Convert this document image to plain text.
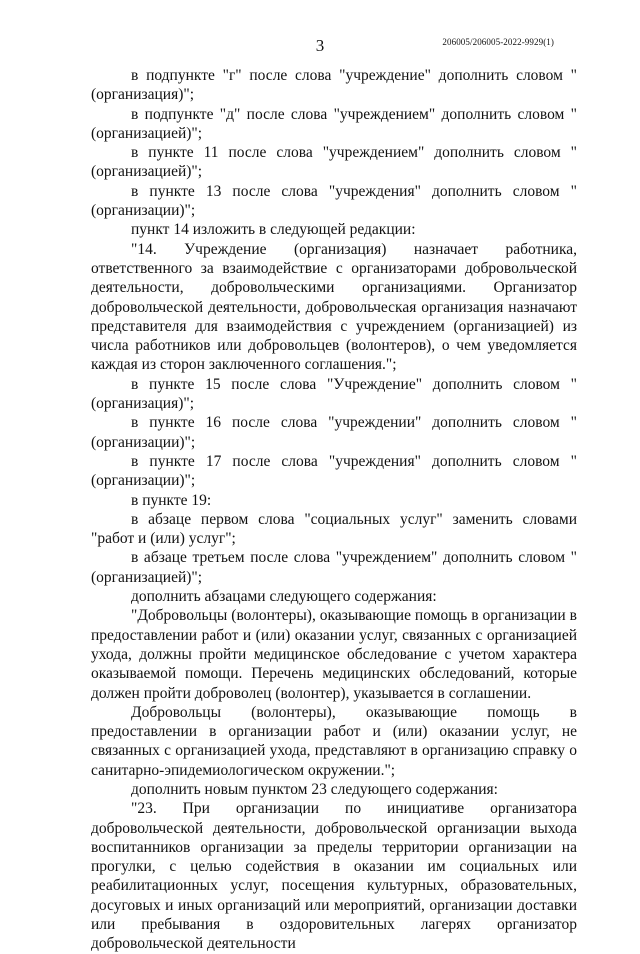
3	206005/206005-2022-9929(1)

в подпункте "г" после слова "учреждение" дополнить словом "(организация)";

в подпункте "д" после слова "учреждением" дополнить словом "(организацией)";

в пункте 11 после слова "учреждением" дополнить словом "(организацией)";

в пункте 13 после слова "учреждения" дополнить словом "(организации)";

пункт 14 изложить в следующей редакции:

"14. Учреждение (организация) назначает работника, ответственного за взаимодействие с организаторами добровольческой деятельности, добровольческими организациями. Организатор добровольческой деятельности, добровольческая организация назначают представителя для взаимодействия с учреждением (организацией) из числа работников или добровольцев (волонтеров), о чем уведомляется каждая из сторон заключенного соглашения.";

в пункте 15 после слова "Учреждение" дополнить словом "(организация)";

в пункте 16 после слова "учреждении" дополнить словом "(организации)";

в пункте 17 после слова "учреждения" дополнить словом "(организации)";

в пункте 19:

в абзаце первом слова "социальных услуг" заменить словами "работ и (или) услуг";

в абзаце третьем после слова "учреждением" дополнить словом "(организацией)";

дополнить абзацами следующего содержания:

"Добровольцы (волонтеры), оказывающие помощь в организации в предоставлении работ и (или) оказании услуг, связанных с организацией ухода, должны пройти медицинское обследование с учетом характера оказываемой помощи. Перечень медицинских обследований, которые должен пройти доброволец (волонтер), указывается в соглашении.

Добровольцы (волонтеры), оказывающие помощь в предоставлении в организации работ и (или) оказании услуг, не связанных с организацией ухода, представляют в организацию справку о санитарно-эпидемиологическом окружении.";

дополнить новым пунктом 23 следующего содержания:

"23. При организации по инициативе организатора добровольческой деятельности, добровольческой организации выхода воспитанников организации за пределы территории организации на прогулки, с целью содействия в оказании им социальных или реабилитационных услуг, посещения культурных, образовательных, досуговых и иных организаций или мероприятий, организации доставки или пребывания в оздоровительных лагерях организатор добровольческой деятельности
